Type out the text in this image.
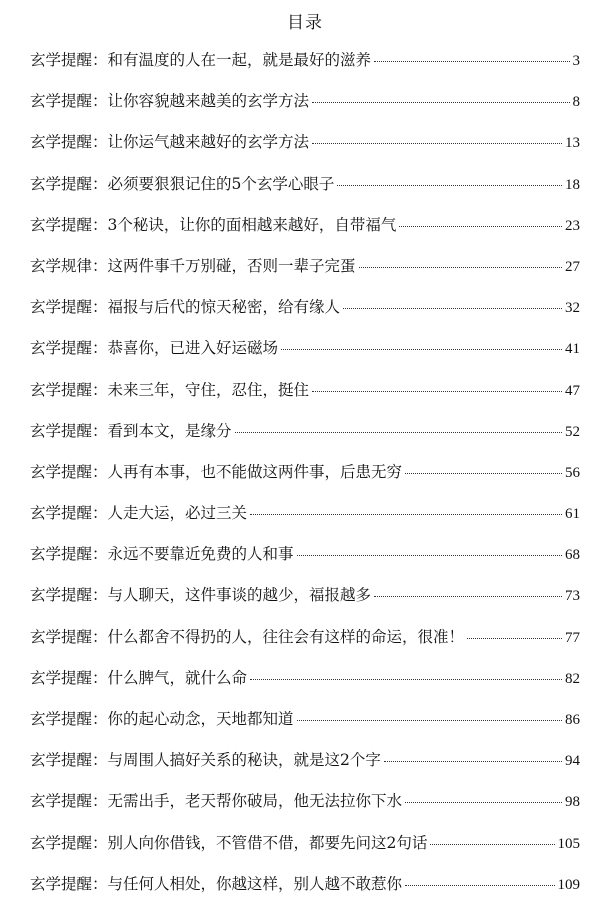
目录
玄学提醒：和有温度的人在一起，就是最好的滋养	3
玄学提醒：让你容貌越来越美的玄学方法	8
玄学提醒：让你运气越来越好的玄学方法	13
玄学提醒：必须要狠狠记住的5个玄学心眼子	18
玄学提醒：3个秘诀，让你的面相越来越好，自带福气	23
玄学规律：这两件事千万别碰，否则一辈子完蛋	27
玄学提醒：福报与后代的惊天秘密，给有缘人	32
玄学提醒：恭喜你，已进入好运磁场	41
玄学提醒：未来三年，守住，忍住，挺住	47
玄学提醒：看到本文，是缘分	52
玄学提醒：人再有本事，也不能做这两件事，后患无穷	56
玄学提醒：人走大运，必过三关	61
玄学提醒：永远不要靠近免费的人和事	68
玄学提醒：与人聊天，这件事谈的越少，福报越多	73
玄学提醒：什么都舍不得扔的人，往往会有这样的命运，很准！	77
玄学提醒：什么脾气，就什么命	82
玄学提醒：你的起心动念，天地都知道	86
玄学提醒：与周围人搞好关系的秘诀，就是这2个字	94
玄学提醒：无需出手，老天帮你破局，他无法拉你下水	98
玄学提醒：别人向你借钱，不管借不借，都要先问这2句话	105
玄学提醒：与任何人相处，你越这样，别人越不敢惹你	109
